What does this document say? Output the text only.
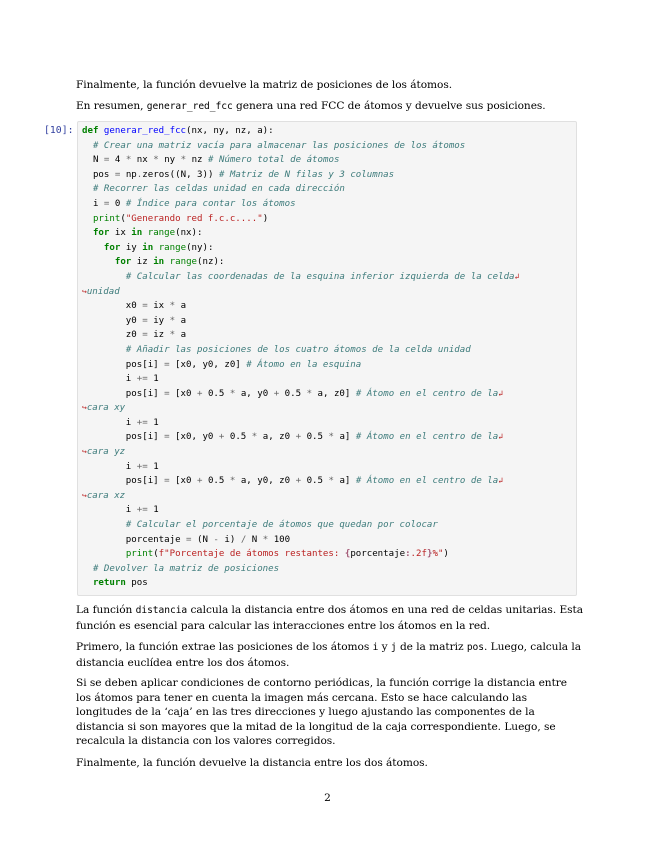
Finalmente, la función devuelve la matriz de posiciones de los átomos.

En resumen, generar_red_fcc genera una red FCC de átomos y devuelve sus posiciones.

[10]: def generar_red_fcc(nx, ny, nz, a):
# Crear una matriz vacía para almacenar las posiciones de los átomos
N = 4 * nx * ny * nz # Número total de átomos
pos = np.zeros((N, 3)) # Matriz de N filas y 3 columnas
# Recorrer las celdas unidad en cada dirección
i = 0 # Índice para contar los átomos
print("Generando red f.c.c....")
for ix in range(nx):
for iy in range(ny):
for iz in range(nz):
# Calcular las coordenadas de la esquina inferior izquierda de la celda↲
↪unidad
x0 = ix * a
y0 = iy * a
z0 = iz * a
# Añadir las posiciones de los cuatro átomos de la celda unidad
pos[i] = [x0, y0, z0] # Átomo en la esquina
i += 1
pos[i] = [x0 + 0.5 * a, y0 + 0.5 * a, z0] # Átomo en el centro de la↲
↪cara xy
i += 1
pos[i] = [x0, y0 + 0.5 * a, z0 + 0.5 * a] # Átomo en el centro de la↲
↪cara yz
i += 1
pos[i] = [x0 + 0.5 * a, y0, z0 + 0.5 * a] # Átomo en el centro de la↲
↪cara xz
i += 1
# Calcular el porcentaje de átomos que quedan por colocar
porcentaje = (N - i) / N * 100
print(f"Porcentaje de átomos restantes: {porcentaje:.2f}%")
# Devolver la matriz de posiciones
return pos

La función distancia calcula la distancia entre dos átomos en una red de celdas unitarias. Esta función es esencial para calcular las interacciones entre los átomos en la red.

Primero, la función extrae las posiciones de los átomos i y j de la matriz pos. Luego, calcula la distancia euclídea entre los dos átomos.

Si se deben aplicar condiciones de contorno periódicas, la función corrige la distancia entre los átomos para tener en cuenta la imagen más cercana. Esto se hace calculando las longitudes de la ‘caja’ en las tres direcciones y luego ajustando las componentes de la distancia si son mayores que la mitad de la longitud de la caja correspondiente. Luego, se recalcula la distancia con los valores corregidos.

Finalmente, la función devuelve la distancia entre los dos átomos.

2
